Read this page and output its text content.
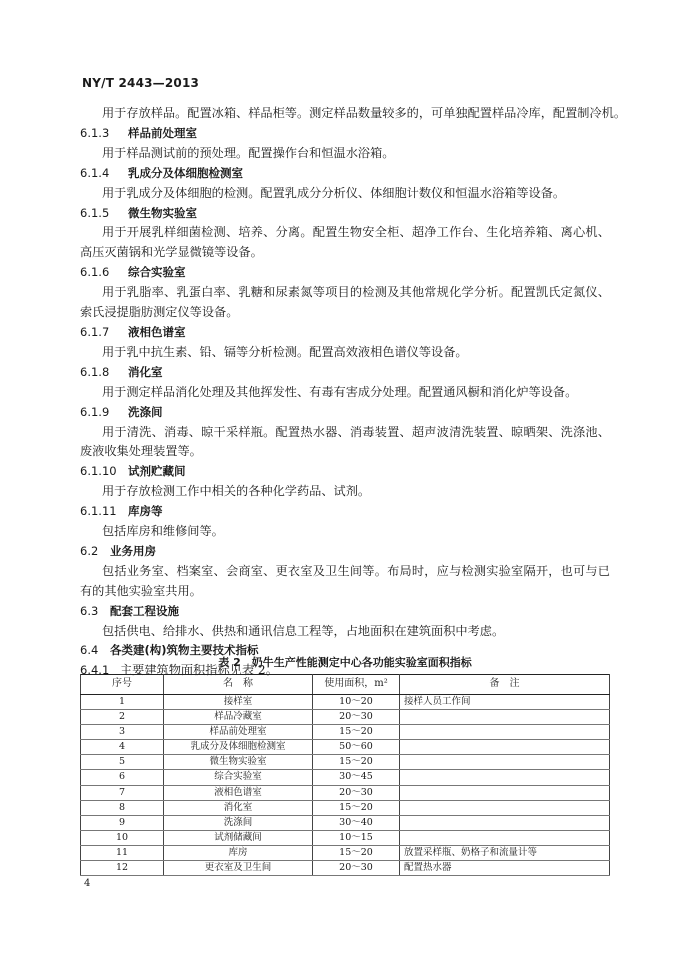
NY/T 2443—2013
用于存放样品。配置冰箱、样品柜等。测定样品数量较多的，可单独配置样品冷库，配置制冷机。
6.1.3 样品前处理室
用于样品测试前的预处理。配置操作台和恒温水浴箱。
6.1.4 乳成分及体细胞检测室
用于乳成分及体细胞的检测。配置乳成分分析仪、体细胞计数仪和恒温水浴箱等设备。
6.1.5 微生物实验室
用于开展乳样细菌检测、培养、分离。配置生物安全柜、超净工作台、生化培养箱、离心机、高压灭菌锅和光学显微镜等设备。
6.1.6 综合实验室
用于乳脂率、乳蛋白率、乳糖和尿素氮等项目的检测及其他常规化学分析。配置凯氏定氮仪、索氏浸提脂肪测定仪等设备。
6.1.7 液相色谱室
用于乳中抗生素、铅、镉等分析检测。配置高效液相色谱仪等设备。
6.1.8 消化室
用于测定样品消化处理及其他挥发性、有毒有害成分处理。配置通风橱和消化炉等设备。
6.1.9 洗涤间
用于清洗、消毒、晾干采样瓶。配置热水器、消毒装置、超声波清洗装置、晾晒架、洗涤池、废液收集处理装置等。
6.1.10 试剂贮藏间
用于存放检测工作中相关的各种化学药品、试剂。
6.1.11 库房等
包括库房和维修间等。
6.2 业务用房
包括业务室、档案室、会商室、更衣室及卫生间等。布局时，应与检测实验室隔开，也可与已有的其他实验室共用。
6.3 配套工程设施
包括供电、给排水、供热和通讯信息工程等，占地面积在建筑面积中考虑。
6.4 各类建(构)筑物主要技术指标
6.4.1 主要建筑物面积指标见表 2。
表 2　奶牛生产性能测定中心各功能实验室面积指标
序号	名　称	使用面积，m²	备　注
1	接样室	10～20	接样人员工作间
2	样品冷藏室	20～30	
3	样品前处理室	15～20	
4	乳成分及体细胞检测室	50～60	
5	微生物实验室	15～20	
6	综合实验室	30～45	
7	液相色谱室	20～30	
8	消化室	15～20	
9	洗涤间	30～40	
10	试剂储藏间	10～15	
11	库房	15～20	放置采样瓶、奶格子和流量计等
12	更衣室及卫生间	20～30	配置热水器
4
